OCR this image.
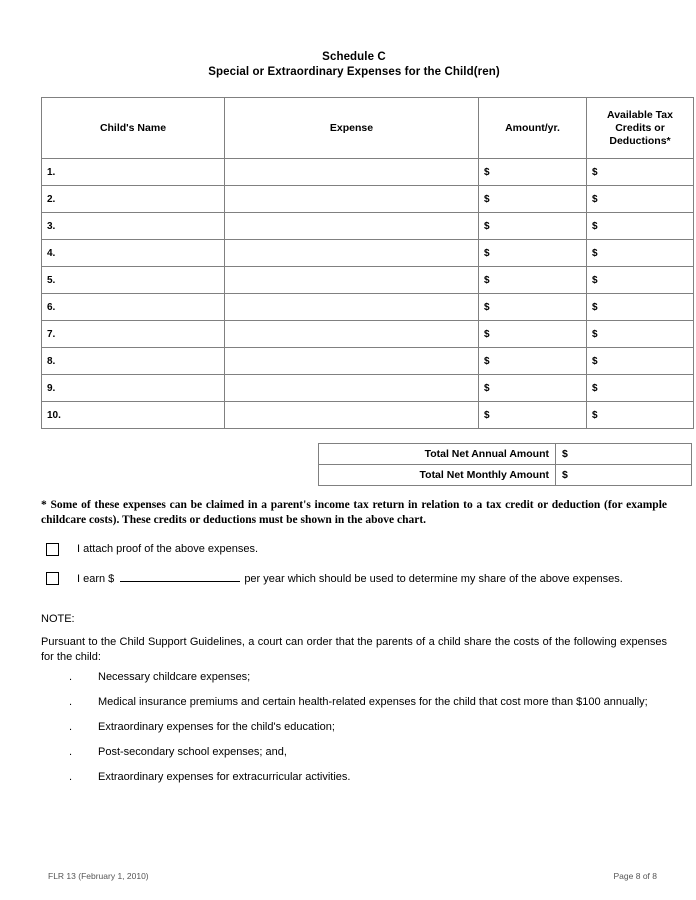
Schedule C
Special or Extraordinary Expenses for the Child(ren)
Child's Name	Expense	Amount/yr.	Available Tax Credits or Deductions*
1.		$	$
2.		$	$
3.		$	$
4.		$	$
5.		$	$
6.		$	$
7.		$	$
8.		$	$
9.		$	$
10.		$	$
Total Net Annual Amount	$
Total Net Monthly Amount	$
* Some of these expenses can be claimed in a parent's income tax return in relation to a tax credit or deduction (for example childcare costs). These credits or deductions must be shown in the above chart.
I attach proof of the above expenses.
I earn $	per year which should be used to determine my share of the above expenses.
NOTE:
Pursuant to the Child Support Guidelines, a court can order that the parents of a child share the costs of the following expenses for the child:
. Necessary childcare expenses;
. Medical insurance premiums and certain health-related expenses for the child that cost more than $100 annually;
. Extraordinary expenses for the child's education;
. Post-secondary school expenses; and,
. Extraordinary expenses for extracurricular activities.
FLR 13 (February 1, 2010)	Page 8 of 8
